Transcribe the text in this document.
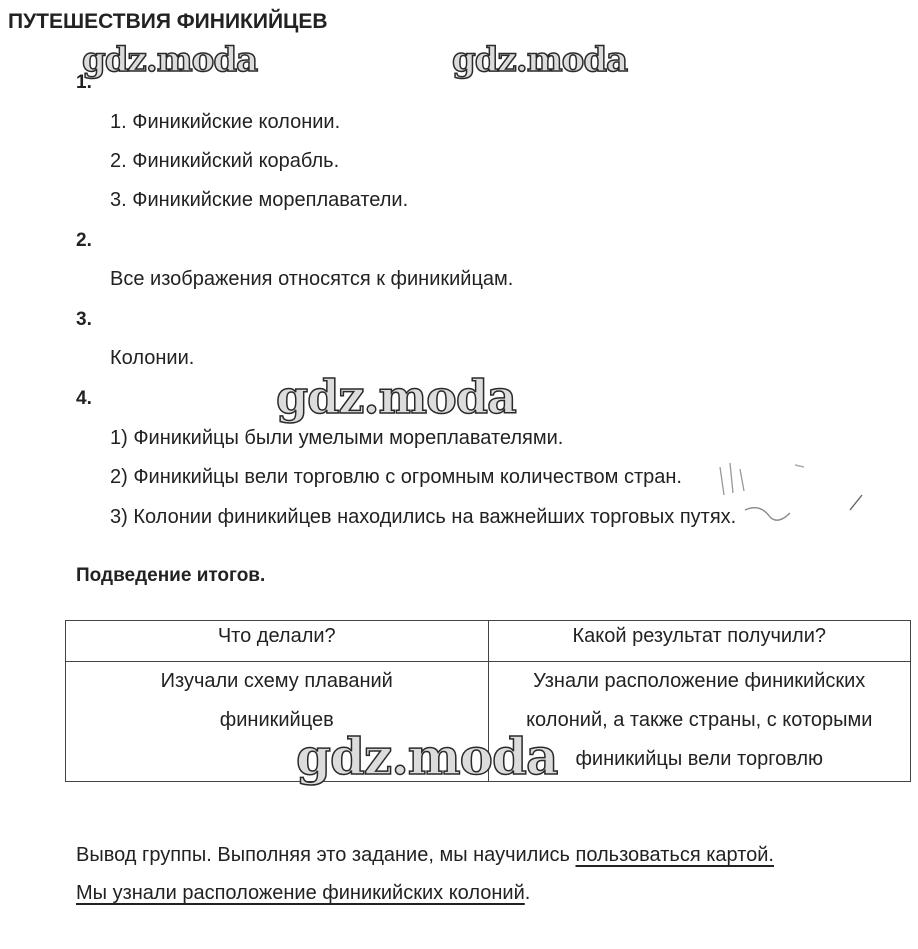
ПУТЕШЕСТВИЯ ФИНИКИЙЦЕВ
1.
1. Финикийские колонии.
2. Финикийский корабль.
3. Финикийские мореплаватели.
2.
Все изображения относятся к финикийцам.
3.
Колонии.
4.
1) Финикийцы были умелыми мореплавателями.
2) Финикийцы вели торговлю с огромным количеством стран.
3) Колонии финикийцев находились на важнейших торговых путях.
Подведение итогов.
Что делали?	Какой результат получили?
Изучали схему плаваний финикийцев	Узнали расположение финикийских колоний, а также страны, с которыми финикийцы вели торговлю
Вывод группы. Выполняя это задание, мы научились пользоваться картой.
Мы узнали расположение финикийских колоний.
gdz.moda	gdz.moda
gdz.moda
gdz.moda
